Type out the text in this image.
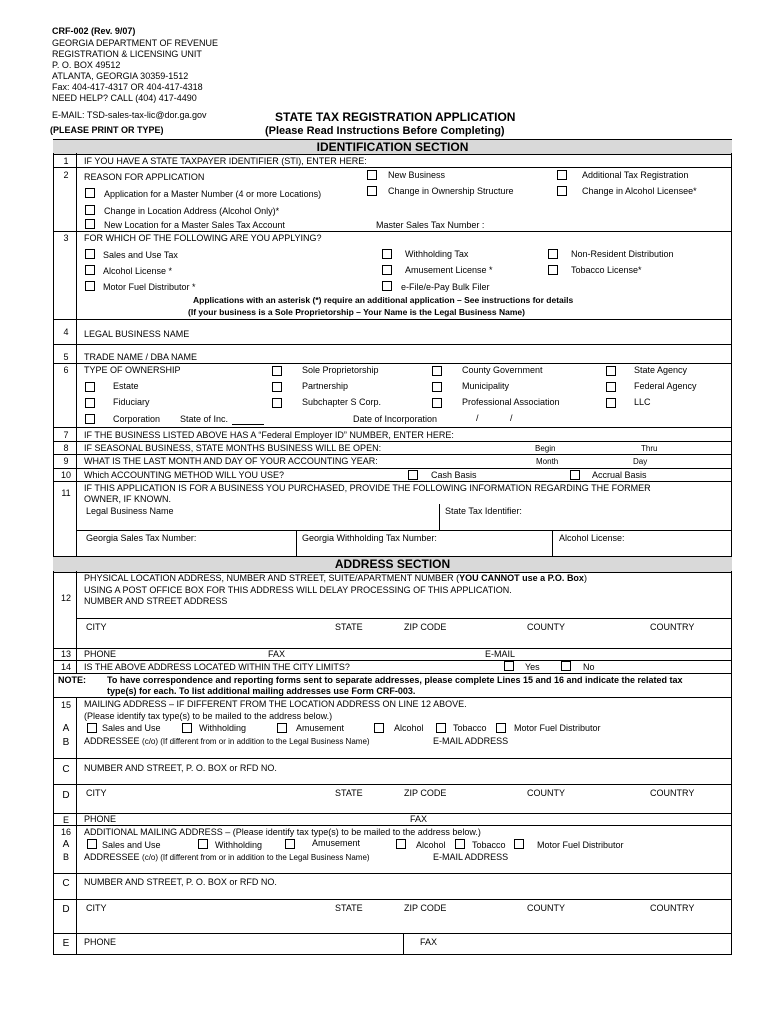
CRF-002 (Rev. 9/07)
GEORGIA DEPARTMENT OF REVENUE
REGISTRATION & LICENSING UNIT
P. O. BOX 49512
ATLANTA, GEORGIA 30359-1512
Fax: 404-417-4317 OR 404-417-4318
NEED HELP? CALL (404) 417-4490
E-MAIL: TSD-sales-tax-lic@dor.ga.gov
(PLEASE PRINT OR TYPE)
STATE TAX REGISTRATION APPLICATION
(Please Read Instructions Before Completing)
IDENTIFICATION SECTION
1	IF YOU HAVE A STATE TAXPAYER IDENTIFIER (STI), ENTER HERE:
2	REASON FOR APPLICATION	New Business	Additional Tax Registration
Application for a Master Number (4 or more Locations)	Change in Ownership Structure	Change in Alcohol Licensee*
Change in Location Address (Alcohol Only)*
New Location for a Master Sales Tax Account	Master Sales Tax Number :
3	FOR WHICH OF THE FOLLOWING ARE YOU APPLYING?
Sales and Use Tax	Withholding Tax	Non-Resident Distribution
Alcohol License *	Amusement License *	Tobacco License*
Motor Fuel Distributor *	e-File/e-Pay Bulk Filer
Applications with an asterisk (*) require an additional application – See instructions for details
(If your business is a Sole Proprietorship – Your Name is the Legal Business Name)
4	LEGAL BUSINESS NAME
5	TRADE NAME / DBA NAME
6	TYPE OF OWNERSHIP	Sole Proprietorship	County Government	State Agency
Estate	Partnership	Municipality	Federal Agency
Fiduciary	Subchapter S Corp.	Professional Association	LLC
Corporation State of Inc.	Date of Incorporation	/	/
7	IF THE BUSINESS LISTED ABOVE HAS A “Federal Employer ID” NUMBER, ENTER HERE:
8	IF SEASONAL BUSINESS, STATE MONTHS BUSINESS WILL BE OPEN:	Begin	Thru
9	WHAT IS THE LAST MONTH AND DAY OF YOUR ACCOUNTING YEAR:	Month	Day
10	Which ACCOUNTING METHOD WILL YOU USE?	Cash Basis	Accrual Basis
11	IF THIS APPLICATION IS FOR A BUSINESS YOU PURCHASED, PROVIDE THE FOLLOWING INFORMATION REGARDING THE FORMER
OWNER, IF KNOWN.
Legal Business Name	State Tax Identifier:
Georgia Sales Tax Number:	Georgia Withholding Tax Number:	Alcohol License:
ADDRESS SECTION
12
PHYSICAL LOCATION ADDRESS, NUMBER AND STREET, SUITE/APARTMENT NUMBER (YOU CANNOT use a P.O. Box)
USING A POST OFFICE BOX FOR THIS ADDRESS WILL DELAY PROCESSING OF THIS APPLICATION.
NUMBER AND STREET ADDRESS
CITY	STATE	ZIP CODE	COUNTY	COUNTRY
13	PHONE	FAX	E-MAIL
14	IS THE ABOVE ADDRESS LOCATED WITHIN THE CITY LIMITS?	Yes	No
NOTE: To have correspondence and reporting forms sent to separate addresses, please complete Lines 15 and 16 and indicate the related tax
type(s) for each. To list additional mailing addresses use Form CRF-003.
15	MAILING ADDRESS – IF DIFFERENT FROM THE LOCATION ADDRESS ON LINE 12 ABOVE.
(Please identify tax type(s) to be mailed to the address below.)
A	Sales and Use	Withholding	Amusement	Alcohol	Tobacco	Motor Fuel Distributor
B	ADDRESSEE (c/o) (If different from or in addition to the Legal Business Name)	E-MAIL ADDRESS
C	NUMBER AND STREET, P. O. BOX or RFD NO.
D	CITY	STATE	ZIP CODE	COUNTY	COUNTRY
E	PHONE	FAX
16	ADDITIONAL MAILING ADDRESS – (Please identify tax type(s) to be mailed to the address below.)
A	Sales and Use	Withholding	Amusement	Alcohol	Tobacco	Motor Fuel Distributor
B	ADDRESSEE (c/o) (If different from or in addition to the Legal Business Name)	E-MAIL ADDRESS
C	NUMBER AND STREET, P. O. BOX or RFD NO.
D	CITY	STATE	ZIP CODE	COUNTY	COUNTRY
E	PHONE	FAX
